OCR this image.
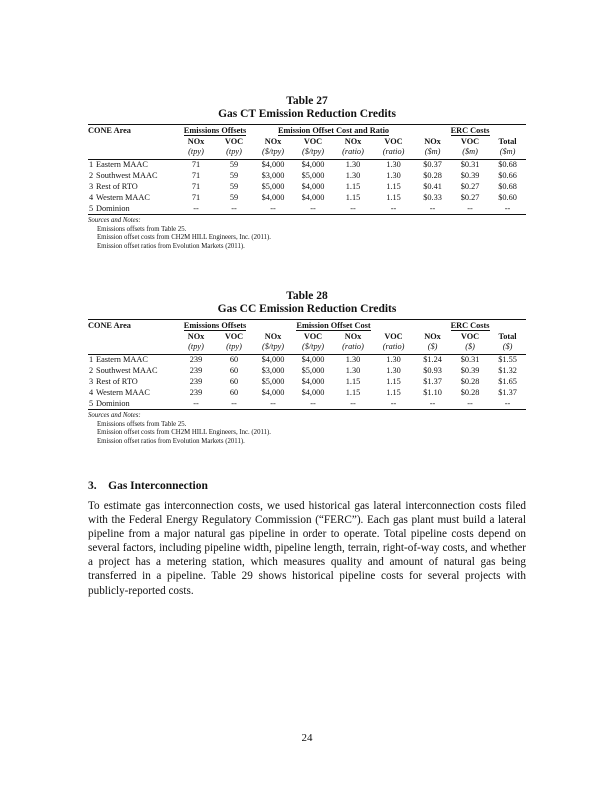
Table 27
Gas CT Emission Reduction Credits
CONE Area		Emissions Offsets		Emission Offset Cost and Ratio				ERC Costs		
		NOx	VOC	NOx	VOC	NOx	VOC	NOx	VOC	Total
		(tpy)	(tpy)	($/tpy)	($/tpy)	(ratio)	(ratio)	($m)	($m)	($m)
1	Eastern MAAC	71	59	$4,000	$4,000	1.30	1.30	$0.37	$0.31	$0.68
2	Southwest MAAC	71	59	$3,000	$5,000	1.30	1.30	$0.28	$0.39	$0.66
3	Rest of RTO	71	59	$5,000	$4,000	1.15	1.15	$0.41	$0.27	$0.68
4	Western MAAC	71	59	$4,000	$4,000	1.15	1.15	$0.33	$0.27	$0.60
5	Dominion	--	--	--	--	--	--	--	--	--
Sources and Notes:
Emissions offsets from Table 25.
Emission offset costs from CH2M HILL Engineers, Inc. (2011).
Emission offset ratios from Evolution Markets (2011).
Table 28
Gas CC Emission Reduction Credits
CONE Area		Emissions Offsets		Emission Offset Cost				ERC Costs		
		NOx	VOC	NOx	VOC	NOx	VOC	NOx	VOC	Total
		(tpy)	(tpy)	($/tpy)	($/tpy)	(ratio)	(ratio)	($)	($)	($)
1	Eastern MAAC	239	60	$4,000	$4,000	1.30	1.30	$1.24	$0.31	$1.55
2	Southwest MAAC	239	60	$3,000	$5,000	1.30	1.30	$0.93	$0.39	$1.32
3	Rest of RTO	239	60	$5,000	$4,000	1.15	1.15	$1.37	$0.28	$1.65
4	Western MAAC	239	60	$4,000	$4,000	1.15	1.15	$1.10	$0.28	$1.37
5	Dominion	--	--	--	--	--	--	--	--	--
Sources and Notes:
Emissions offsets from Table 25.
Emission offset costs from CH2M HILL Engineers, Inc. (2011).
Emission offset ratios from Evolution Markets (2011).
3. Gas Interconnection

To estimate gas interconnection costs, we used historical gas lateral interconnection costs filed with the Federal Energy Regulatory Commission (“FERC”). Each gas plant must build a lateral pipeline from a major natural gas pipeline in order to operate. Total pipeline costs depend on several factors, including pipeline width, pipeline length, terrain, right-of-way costs, and whether a project has a metering station, which measures quality and amount of natural gas being transferred in a pipeline. Table 29 shows historical pipeline costs for several projects with publicly-reported costs.

24
